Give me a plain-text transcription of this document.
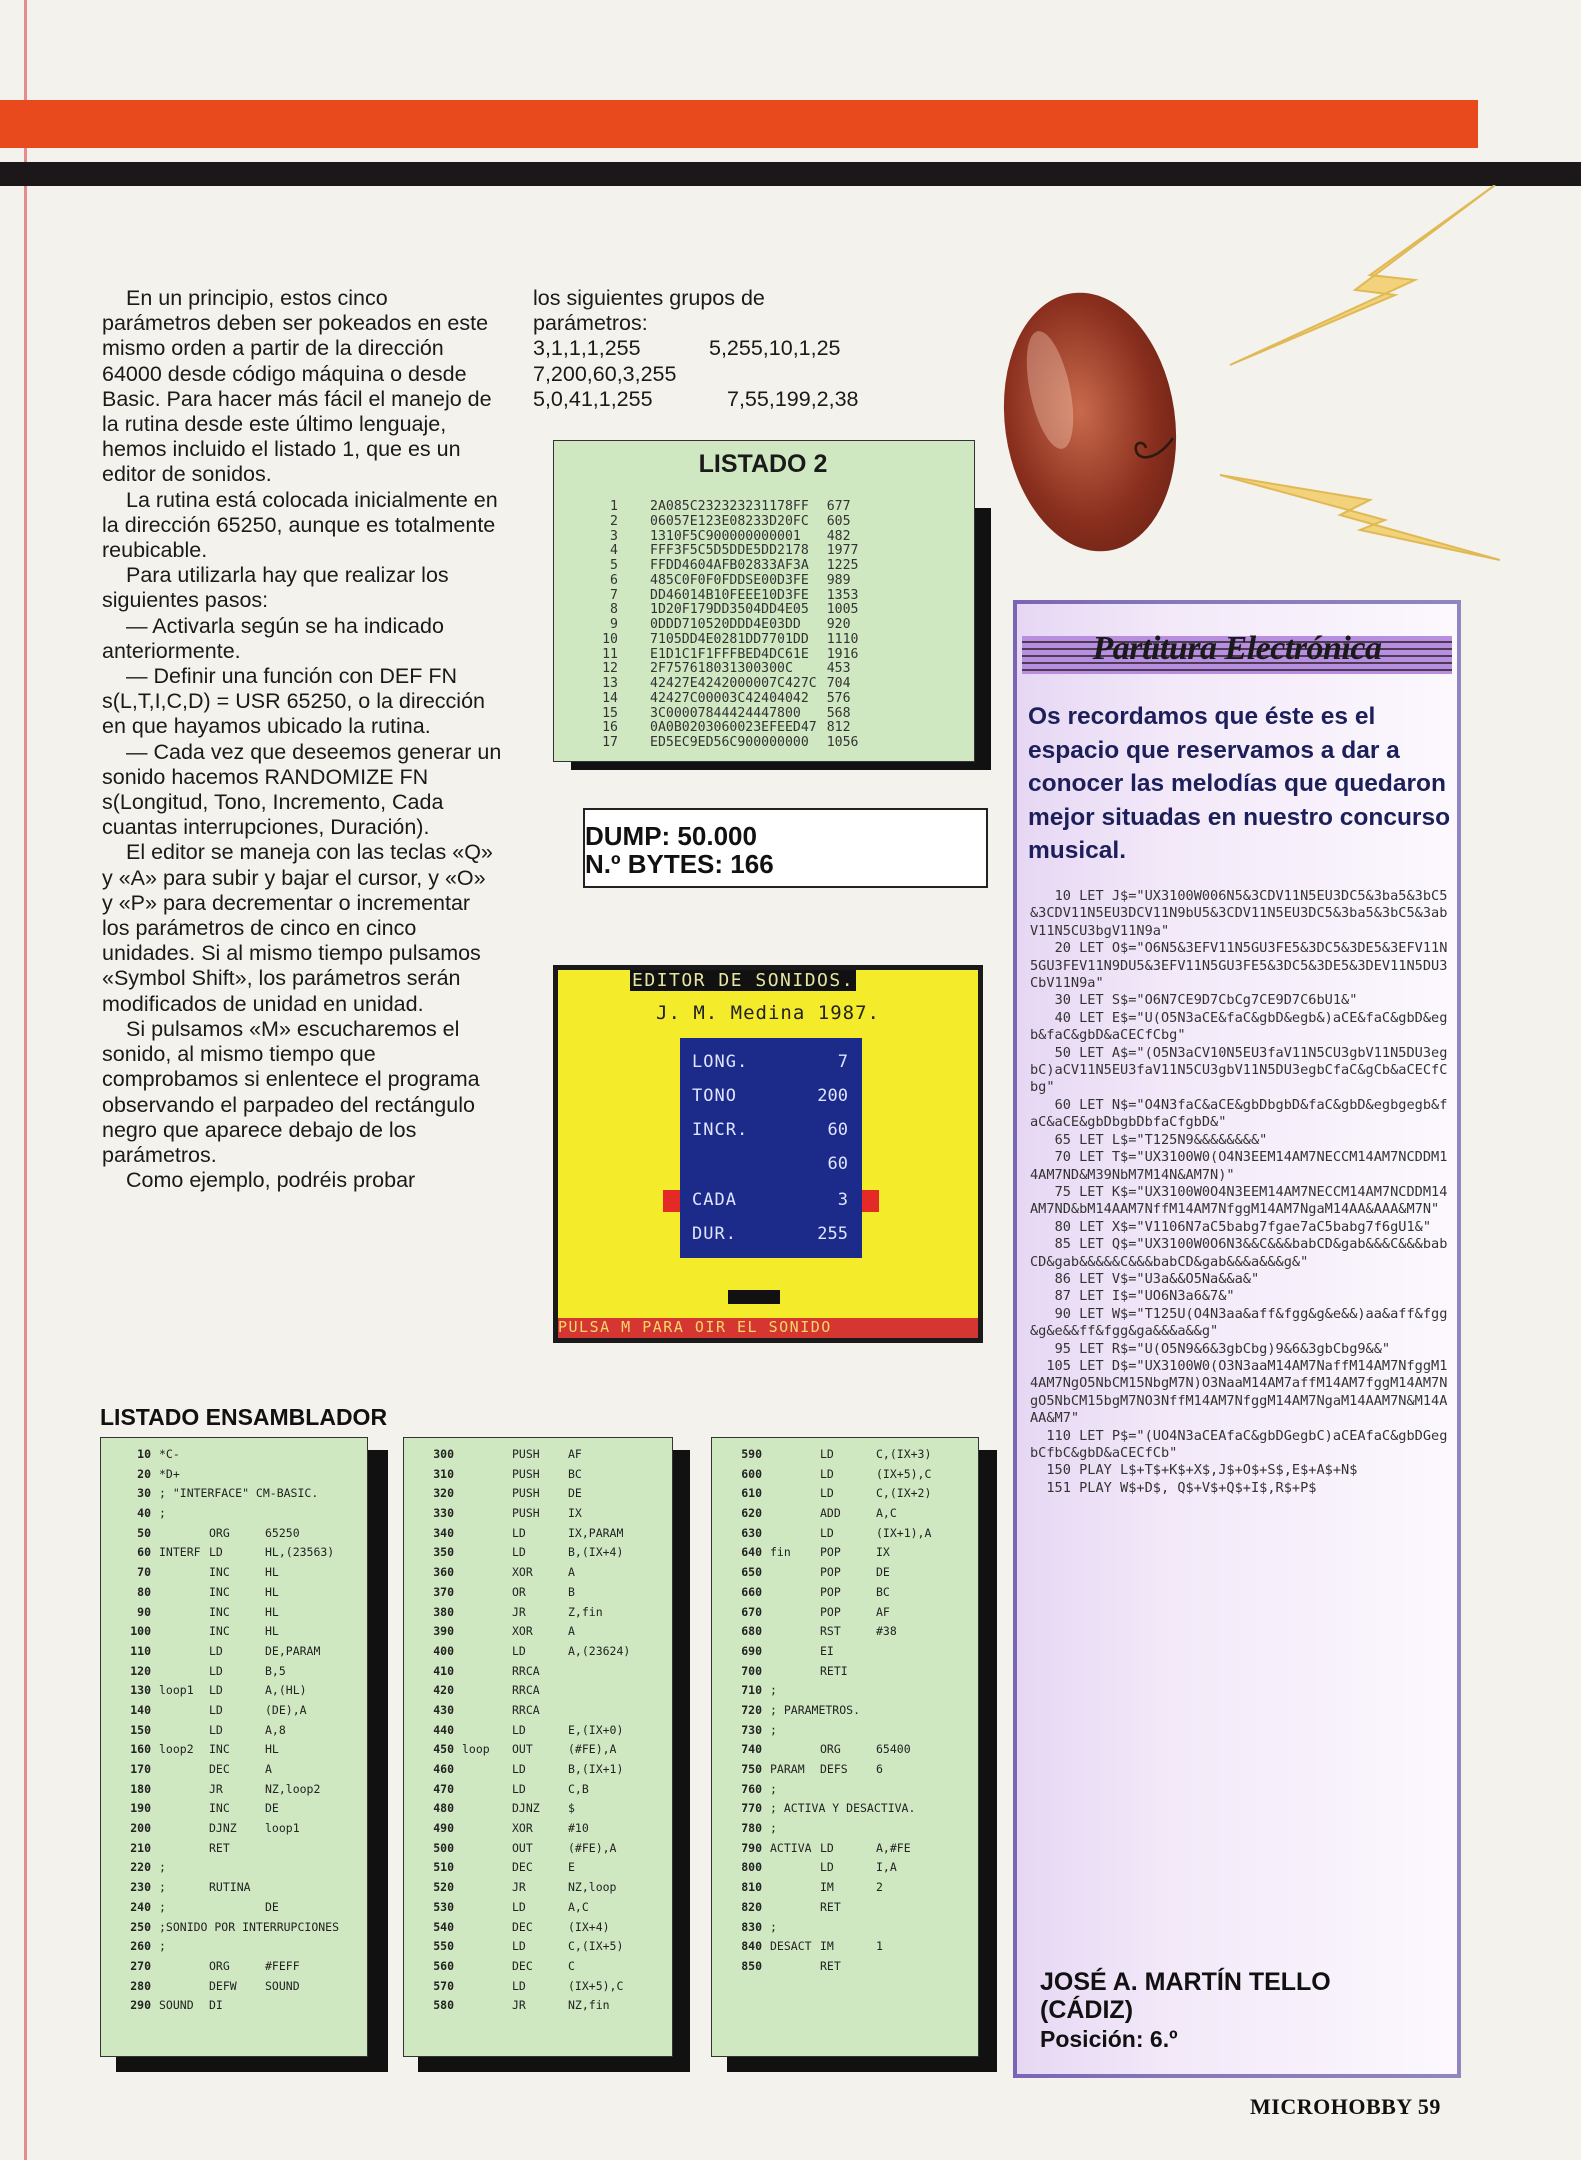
En un principio, estos cinco parámetros deben ser pokeados en este mismo orden a partir de la dirección 64000 desde código máquina o desde Basic. Para hacer más fácil el manejo de la rutina desde este último lenguaje, hemos incluido el listado 1, que es un editor de sonidos.

La rutina está colocada inicialmente en la dirección 65250, aunque es totalmente reubicable.

Para utilizarla hay que realizar los siguientes pasos:

— Activarla según se ha indicado anteriormente.

— Definir una función con DEF FN s(L,T,I,C,D) = USR 65250, o la dirección en que hayamos ubicado la rutina.

— Cada vez que deseemos generar un sonido hacemos RANDOMIZE FN s(Longitud, Tono, Incremento, Cada cuantas interrupciones, Duración).

El editor se maneja con las teclas «Q» y «A» para subir y bajar el cursor, y «O» y «P» para decrementar o incrementar los parámetros de cinco en cinco unidades. Si al mismo tiempo pulsamos «Symbol Shift», los parámetros serán modificados de unidad en unidad.

Si pulsamos «M» escucharemos el sonido, al mismo tiempo que comprobamos si enlentece el programa observando el parpadeo del rectángulo negro que aparece debajo de los parámetros.

Como ejemplo, podréis probar

los siguientes grupos de parámetros:

3,1,1,1,255	5,255,10,1,25
7,200,60,3,255
5,0,41,1,255	7,55,199,2,38
LISTADO 2
1	2A085C232323231178FF	677
2	06057E123E08233D20FC	605
3	1310F5C900000000001	482
4	FFF3F5C5D5DDE5DD2178	1977
5	FFDD4604AFB02833AF3A	1225
6	485C0F0F0FDDSE00D3FE	989
7	DD46014B10FEEE10D3FE	1353
8	1D20F179DD3504DD4E05	1005
9	0DDD710520DDD4E03DD	920
10	7105DD4E0281DD7701DD	1110
11	E1D1C1F1FFFBED4DC61E	1916
12	2F757618031300300C	453
13	42427E4242000007C427C	704
14	42427C00003C42404042	576
15	3C00007844424447800	568
16	0A0B0203060023EFEED47	812
17	ED5EC9ED56C900000000	1056
DUMP: 50.000
N.º BYTES: 166
EDITOR DE SONIDOS.
J. M. Medina 1987.
LONG.	7
TONO	200
INCR.	60
60
CADA	3
DUR.	255
PULSA M PARA OIR EL SONIDO
Partitura Electrónica
Os recordamos que éste es el espacio que reservamos a dar a conocer las melodías que quedaron mejor situadas en nuestro concurso musical.
10 LET J$="UX3100W006N5&3CDV11N5EU3DC5&3ba5&3bC5&3CDV11N5EU3DCV11N9bU5&3CDV11N5EU3DC5&3ba5&3bC5&3abV11N5CU3bgV11N9a"
20 LET O$="O6N5&3EFV11N5GU3FE5&3DC5&3DE5&3EFV11N5GU3FEV11N9DU5&3EFV11N5GU3FE5&3DC5&3DE5&3DEV11N5DU3CbV11N9a"
30 LET S$="O6N7CE9D7CbCg7CE9D7C6bU1&"
40 LET E$="U(O5N3aCE&faC&gbD&egb&)aCE&faC&gbD&egb&faC&gbD&aCECfCbg"
50 LET A$="(O5N3aCV10N5EU3faV11N5CU3gbV11N5DU3egbC)aCV11N5EU3faV11N5CU3gbV11N5DU3egbCfaC&gCb&aCECfCbg"
60 LET N$="O4N3faC&aCE&gbDbgbD&faC&gbD&egbgegb&faC&aCE&gbDbgbDbfaCfgbD&"
65 LET L$="T125N9&&&&&&&&"
70 LET T$="UX3100W0(O4N3EEM14AM7NECCM14AM7NCDDM14AM7ND&M39NbM7M14N&AM7N)"
75 LET K$="UX3100W0O4N3EEM14AM7NECCM14AM7NCDDM14AM7ND&bM14AAM7NffM14AM7NfggM14AM7NgaM14AA&AAA&M7N"
80 LET X$="V1106N7aC5babg7fgae7aC5babg7f6gU1&"
85 LET Q$="UX3100W0O6N3&&C&&&babCD&gab&&&C&&&babCD&gab&&&&&C&&&babCD&gab&&&a&&&g&"
86 LET V$="U3a&&O5Na&&a&"
87 LET I$="UO6N3a6&7&"
90 LET W$="T125U(O4N3aa&aff&fgg&g&e&&)aa&aff&fgg&g&e&&ff&fgg&ga&&&a&&g"
95 LET R$="U(O5N9&6&3gbCbg)9&6&3gbCbg9&&"
105 LET D$="UX3100W0(O3N3aaM14AM7NaffM14AM7NfggM14AM7NgO5NbCM15NbgM7N)O3NaaM14AM7affM14AM7fggM14AM7NgO5NbCM15bgM7NO3NffM14AM7NfggM14AM7NgaM14AAM7N&M14AAA&M7"
110 LET P$="(UO4N3aCEAfaC&gbDGegbC)aCEAfaC&gbDGegbCfbC&gbD&aCECfCb"
150 PLAY L$+T$+K$+X$,J$+O$+S$,E$+A$+N$
151 PLAY W$+D$, Q$+V$+Q$+I$,R$+P$
JOSÉ A. MARTÍN TELLO
(CÁDIZ)
Posición: 6.º
LISTADO ENSAMBLADOR
10 *C-
20 *D+
30 ; "INTERFACE" CM-BASIC.
40 ;
50	ORG	65250
60 INTERF LD	HL,(23563)
70	INC	HL
80	INC	HL
90	INC	HL
100	INC	HL
110	LD	DE,PARAM
120	LD	B,5
130 loop1 LD	A,(HL)
140	LD	(DE),A
150	LD	A,8
160 loop2 INC	HL
170	DEC	A
180	JR	NZ,loop2
190	INC	DE
200	DJNZ loop1
210	RET
220 ;
230 ;	RUTINA
240 ;	DE
250 ;SONIDO POR INTERRUPCIONES
260 ;
270	ORG	#FEFF
280	DEFW SOUND
290 SOUND DI
300	PUSH AF
310	PUSH BC
320	PUSH DE
330	PUSH IX
340	LD	IX,PARAM
350	LD	B,(IX+4)
360	XOR	A
370	OR	B
380	JR	Z,fin
390	XOR	A
400	LD	A,(23624)
410	RRCA
420	RRCA
430	RRCA
440	LD	E,(IX+0)
450 loop OUT	(#FE),A
460	LD	B,(IX+1)
470	LD	C,B
480	DJNZ $
490	XOR	#10
500	OUT	(#FE),A
510	DEC	E
520	JR	NZ,loop
530	LD	A,C
540	DEC	(IX+4)
550	LD	C,(IX+5)
560	DEC	C
570	LD	(IX+5),C
580	JR	NZ,fin
590	LD	C,(IX+3)
600	LD	(IX+5),C
610	LD	C,(IX+2)
620	ADD	A,C
630	LD	(IX+1),A
640 fin	POP	IX
650	POP	DE
660	POP	BC
670	POP	AF
680	RST	#38
690	EI
700	RETI
710 ;
720 ; PARAMETROS.
730 ;
740	ORG	65400
750 PARAM DEFS 6
760 ;
770 ; ACTIVA Y DESACTIVA.
780 ;
790 ACTIVA LD	A,#FE
800	LD	I,A
810	IM	2
820	RET
830 ;
840 DESACT IM	1
850	RET
MICROHOBBY 59
